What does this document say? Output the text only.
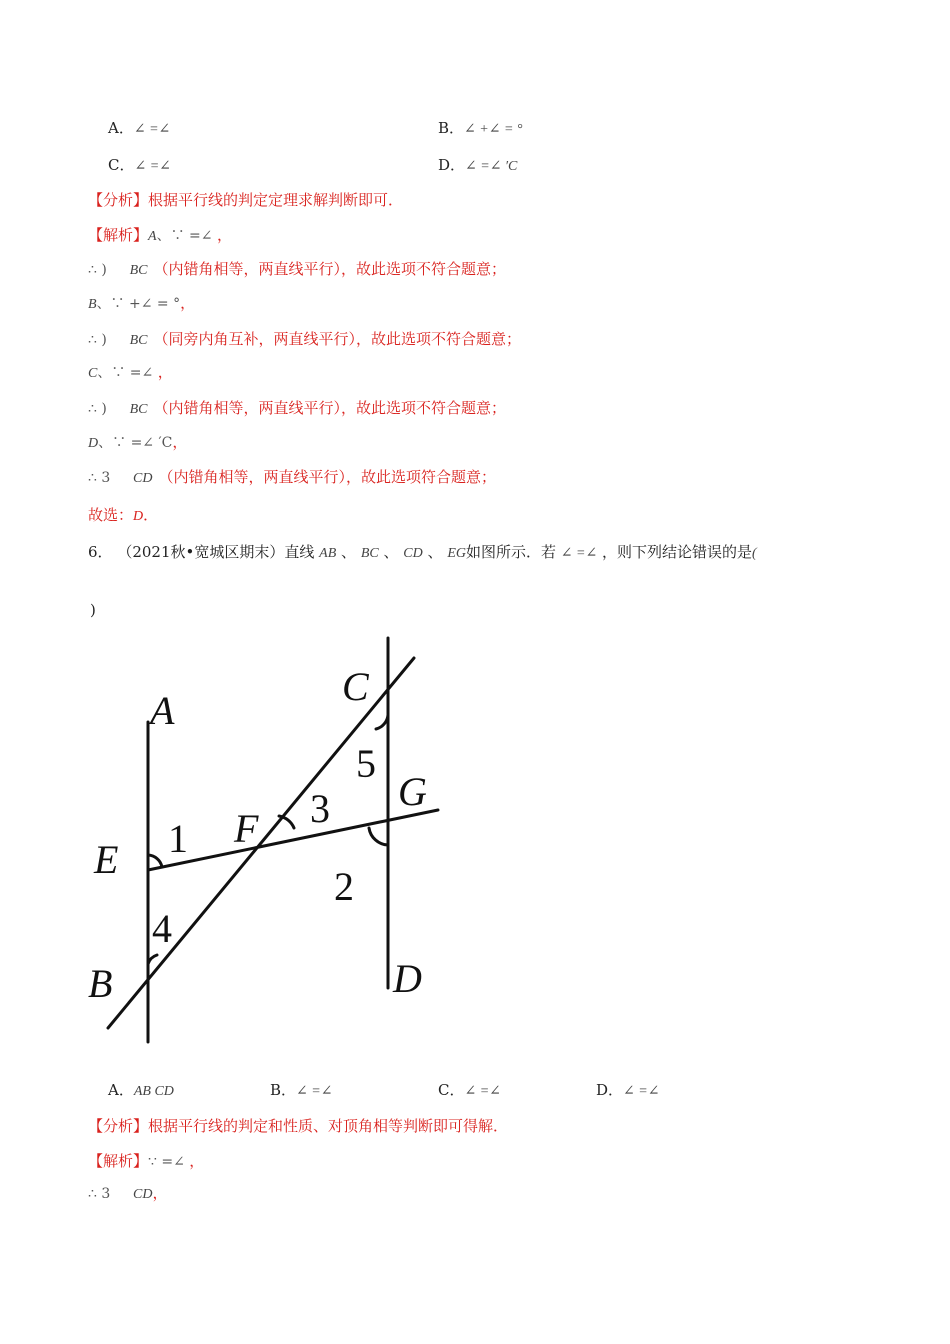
A．∠ =∠	B．∠ +∠ = °
C．∠ =∠	D．∠ =∠ ′C
【分析】根据平行线的判定定理求解判断即可．
【解析】A、∵ =∠ ，
∴ ) BC （内错角相等，两直线平行），故此选项不符合题意；
B、∵ +∠ = °，
∴ ) BC （同旁内角互补，两直线平行），故此选项不符合题意；
C、∵ =∠ ，
∴ ) BC （内错角相等，两直线平行），故此选项不符合题意；
D、∵ =∠ ′C，
∴ 3 CD （内错角相等，两直线平行），故此选项符合题意；
故选：D．
6． （2021秋•宽城区期末）直线 AB 、 BC 、 CD 、 EG如图所示．若 ∠ =∠ ，则下列结论错误的是(
)
A
B
C
D
E
F
G
1
2
3
4
5
A．AB CD	B．∠ =∠	C．∠ =∠	D．∠ =∠
【分析】根据平行线的判定和性质、对顶角相等判断即可得解．
【解析】∵ =∠ ，
∴ 3 CD，
